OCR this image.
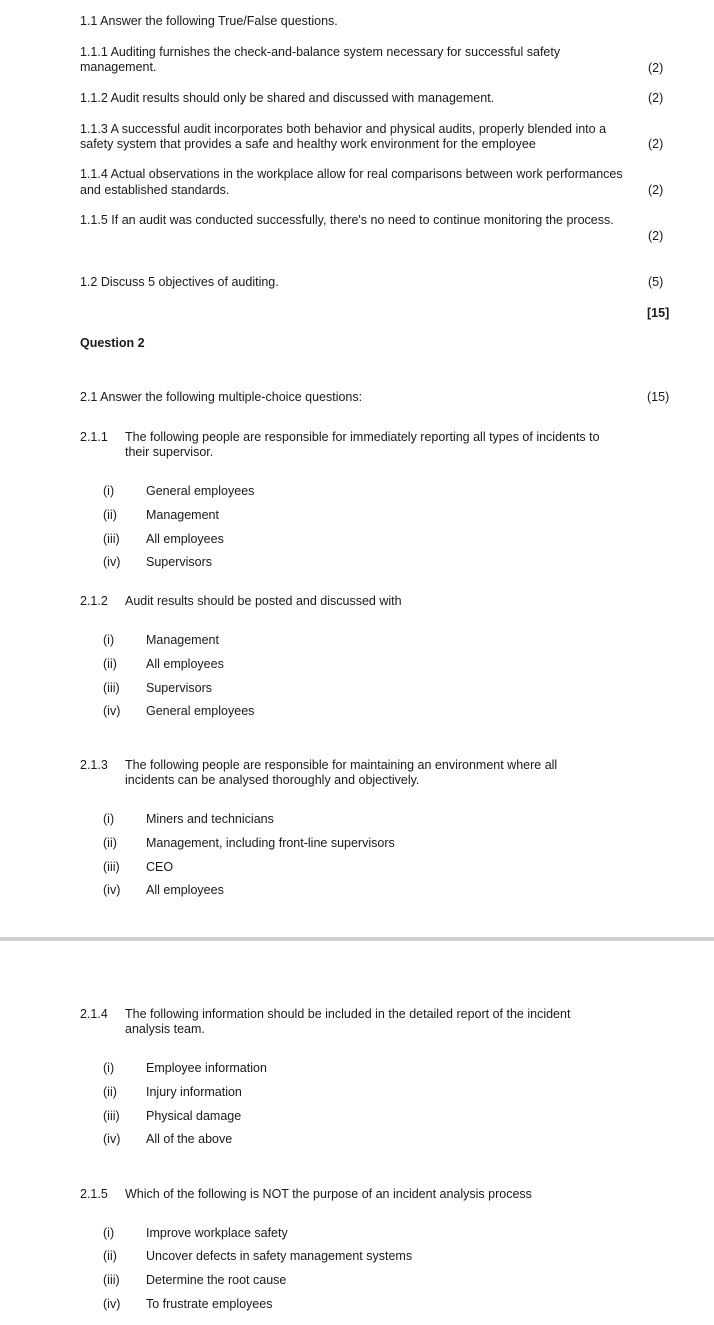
1.1 Answer the following True/False questions.
1.1.1 Auditing furnishes the check-and-balance system necessary for successful safety
management.	(2)
1.1.2 Audit results should only be shared and discussed with management.	(2)
1.1.3 A successful audit incorporates both behavior and physical audits, properly blended into a
safety system that provides a safe and healthy work environment for the employee	(2)
1.1.4 Actual observations in the workplace allow for real comparisons between work performances
and established standards.	(2)
1.1.5 If an audit was conducted successfully, there's no need to continue monitoring the process.
(2)
1.2 Discuss 5 objectives of auditing.	(5)
[15]
Question 2
2.1 Answer the following multiple-choice questions:	(15)
2.1.1 The following people are responsible for immediately reporting all types of incidents to
their supervisor.
(i)	General employees
(ii) Management
(iii) All employees
(iv) Supervisors
2.1.2 Audit results should be posted and discussed with
(i)	Management
(ii) All employees
(iii) Supervisors
(iv) General employees
2.1.3 The following people are responsible for maintaining an environment where all
incidents can be analysed thoroughly and objectively.
(i)	Miners and technicians
(ii) Management, including front-line supervisors
(iii) CEO
(iv) All employees
2.1.4 The following information should be included in the detailed report of the incident
analysis team.
(i)	Employee information
(ii) Injury information
(iii) Physical damage
(iv) All of the above
2.1.5 Which of the following is NOT the purpose of an incident analysis process
(i)	Improve workplace safety
(ii) Uncover defects in safety management systems
(iii) Determine the root cause
(iv) To frustrate employees
